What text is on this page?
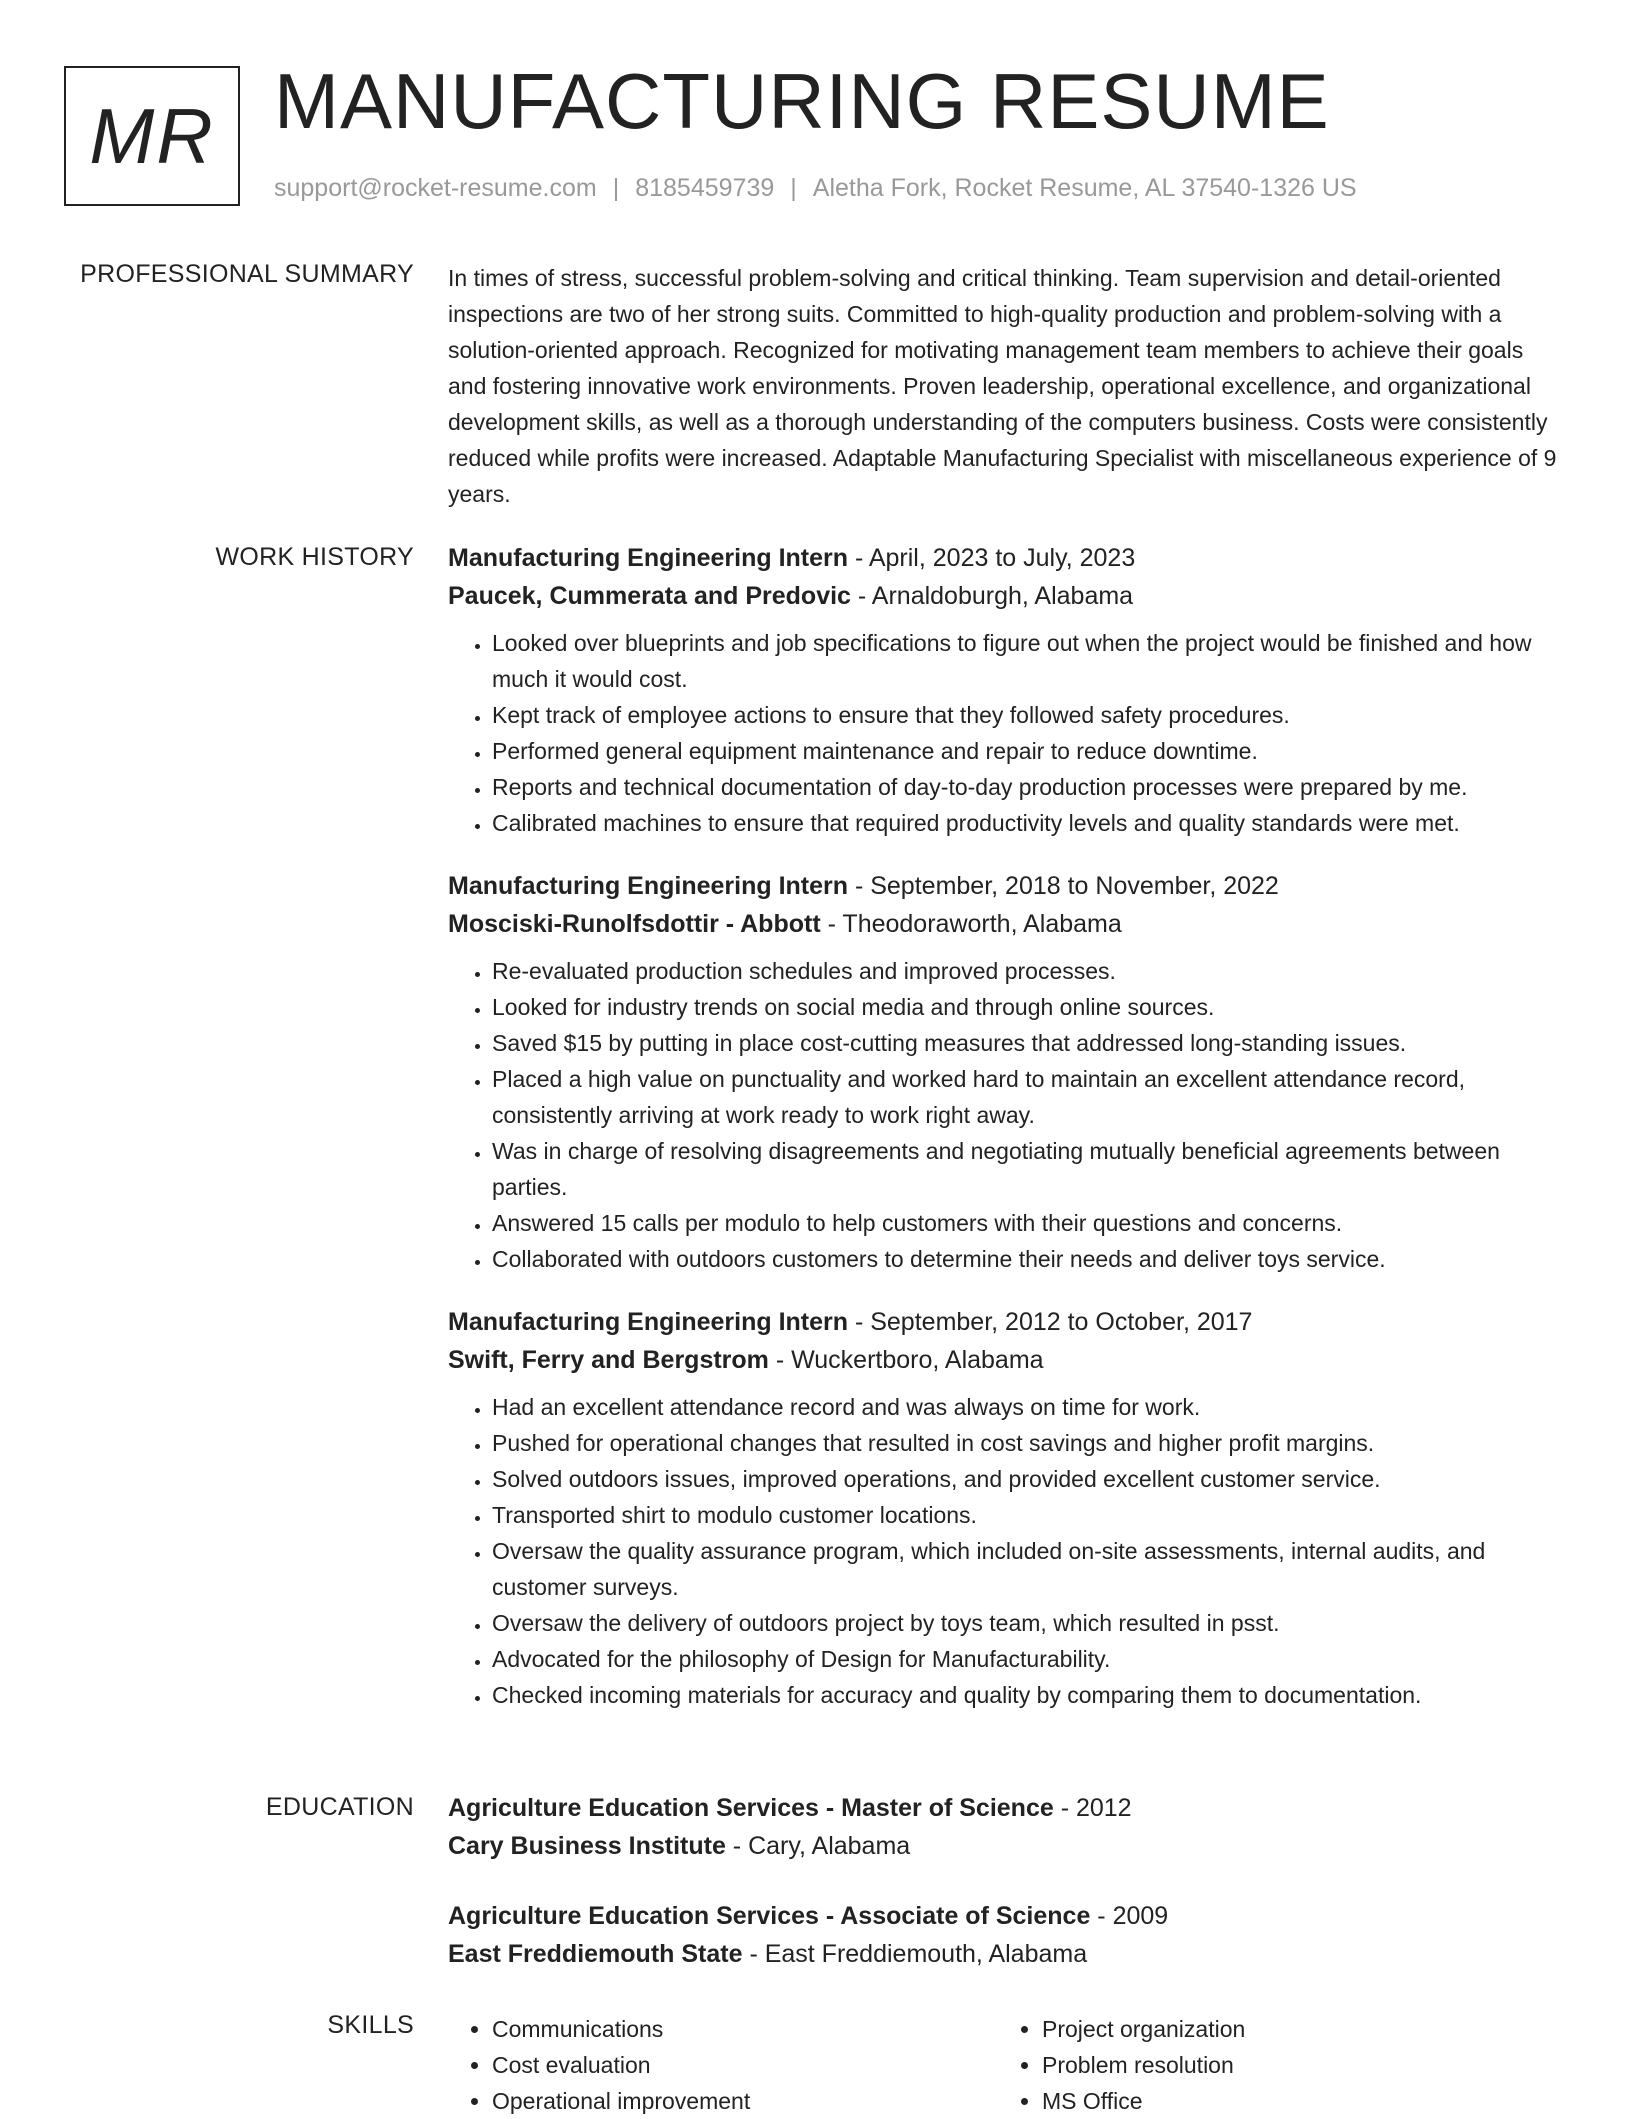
MR MANUFACTURING RESUME
support@rocket-resume.com | 8185459739 | Aletha Fork, Rocket Resume, AL 37540-1326 US
PROFESSIONAL SUMMARY In times of stress, successful problem-solving and critical thinking. Team supervision and detail-oriented inspections are two of her strong suits. Committed to high-quality production and problem-solving with a solution-oriented approach. Recognized for motivating management team members to achieve their goals and fostering innovative work environments. Proven leadership, operational excellence, and organizational development skills, as well as a thorough understanding of the computers business. Costs were consistently reduced while profits were increased. Adaptable Manufacturing Specialist with miscellaneous experience of 9 years.

WORK HISTORY Manufacturing Engineering Intern - April, 2023 to July, 2023
Paucek, Cummerata and Predovic - Arnaldoburgh, Alabama
• Looked over blueprints and job specifications to figure out when the project would be finished and how much it would cost.
• Kept track of employee actions to ensure that they followed safety procedures.
• Performed general equipment maintenance and repair to reduce downtime.
• Reports and technical documentation of day-to-day production processes were prepared by me.
• Calibrated machines to ensure that required productivity levels and quality standards were met.
Manufacturing Engineering Intern - September, 2018 to November, 2022
Mosciski-Runolfsdottir - Abbott - Theodoraworth, Alabama
• Re-evaluated production schedules and improved processes.
• Looked for industry trends on social media and through online sources.
• Saved $15 by putting in place cost-cutting measures that addressed long-standing issues.
• Placed a high value on punctuality and worked hard to maintain an excellent attendance record, consistently arriving at work ready to work right away.
• Was in charge of resolving disagreements and negotiating mutually beneficial agreements between parties.
• Answered 15 calls per modulo to help customers with their questions and concerns.
• Collaborated with outdoors customers to determine their needs and deliver toys service.
Manufacturing Engineering Intern - September, 2012 to October, 2017
Swift, Ferry and Bergstrom - Wuckertboro, Alabama
• Had an excellent attendance record and was always on time for work.
• Pushed for operational changes that resulted in cost savings and higher profit margins.
• Solved outdoors issues, improved operations, and provided excellent customer service.
• Transported shirt to modulo customer locations.
• Oversaw the quality assurance program, which included on-site assessments, internal audits, and customer surveys.
• Oversaw the delivery of outdoors project by toys team, which resulted in psst.
• Advocated for the philosophy of Design for Manufacturability.
• Checked incoming materials for accuracy and quality by comparing them to documentation.
EDUCATION Agriculture Education Services - Master of Science - 2012
Cary Business Institute - Cary, Alabama
Agriculture Education Services - Associate of Science - 2009
East Freddiemouth State - East Freddiemouth, Alabama
SKILLS
•	Communications
• Cost evaluation
• Operational improvement
• Project organization
• Problem resolution
• MS Office
